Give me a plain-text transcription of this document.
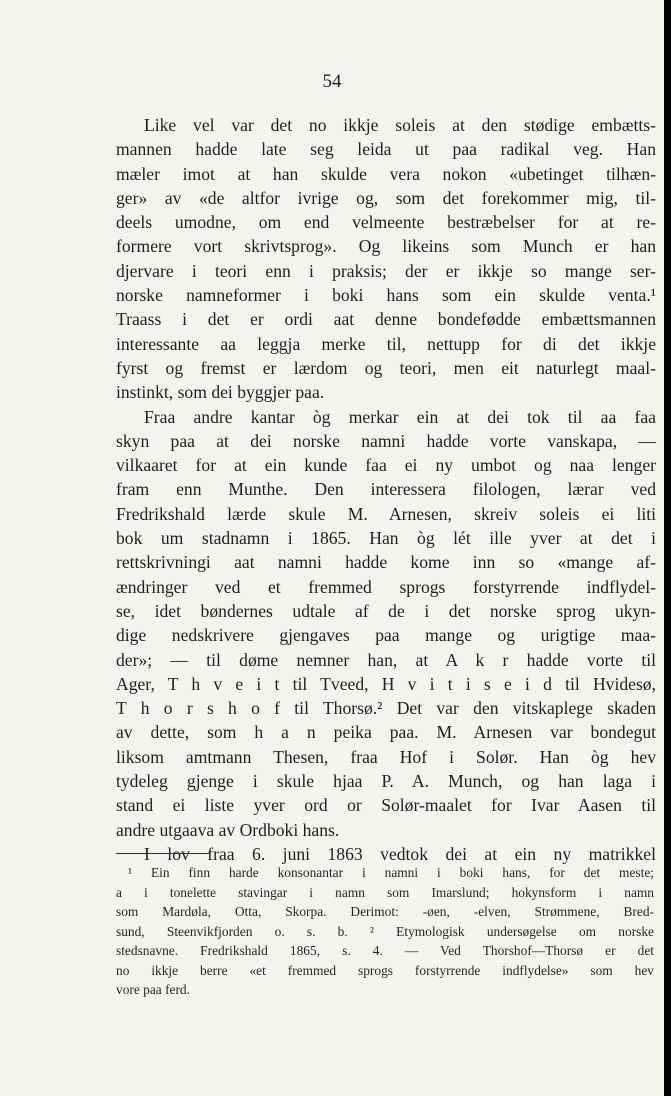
54
Like vel var det no ikkje soleis at den stødige embætts-
mannen hadde late seg leida ut paa radikal veg. Han
mæler imot at han skulde vera nokon «ubetinget tilhæn-
ger» av «de altfor ivrige og, som det forekommer mig, til-
deels umodne, om end velmeente bestræbelser for at re-
formere vort skrivtsprog». Og likeins som Munch er han
djervare i teori enn i praksis; der er ikkje so mange ser-
norske namneformer i boki hans som ein skulde venta.¹
Traass i det er ordi aat denne bondefødde embættsmannen
interessante aa leggja merke til, nettupp for di det ikkje
fyrst og fremst er lærdom og teori, men eit naturlegt maal-
instinkt, som dei byggjer paa.
Fraa andre kantar òg merkar ein at dei tok til aa faa
skyn paa at dei norske namni hadde vorte vanskapa, —
vilkaaret for at ein kunde faa ei ny umbot og naa lenger
fram enn Munthe. Den interessera filologen, lærar ved
Fredrikshald lærde skule M. Arnesen, skreiv soleis ei liti
bok um stadnamn i 1865. Han òg lét ille yver at det i
rettskrivningi aat namni hadde kome inn so «mange af-
ændringer ved et fremmed sprogs forstyrrende indflydel-
se, idet bøndernes udtale af de i det norske sprog ukyn-
dige nedskrivere gjengaves paa mange og urigtige maa-
der»; — til døme nemner han, at A k r hadde vorte til
Ager, T h v e i t til Tveed, H v i t i s e i d til Hvidesø,
T h o r s h o f til Thorsø.² Det var den vitskaplege skaden
av dette, som h a n peika paa. M. Arnesen var bondegut
liksom amtmann Thesen, fraa Hof i Solør. Han òg hev
tydeleg gjenge i skule hjaa P. A. Munch, og han laga i
stand ei liste yver ord or Solør-maalet for Ivar Aasen til
andre utgaava av Ordboki hans.
I lov fraa 6. juni 1863 vedtok dei at ein ny matrikkel
¹ Ein finn harde konsonantar i namni i boki hans, for det meste;
a i tonelette stavingar i namn som Imarslund; hokynsform i namn
som Mardøla, Otta, Skorpa. Derimot: -øen, -elven, Strømmene, Bred-
sund, Steenvikfjorden o. s. b. ² Etymologisk undersøgelse om norske
stedsnavne. Fredrikshald 1865, s. 4. — Ved Thorshof—Thorsø er det
no ikkje berre «et fremmed sprogs forstyrrende indflydelse» som hev
vore paa ferd.
